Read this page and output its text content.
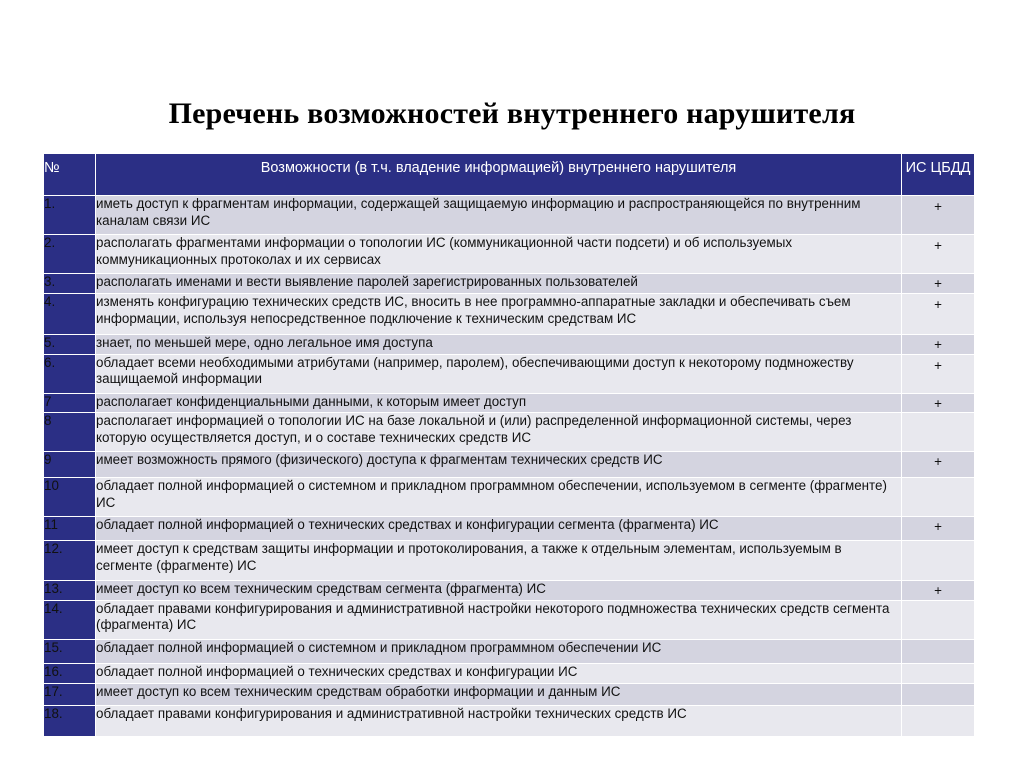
Перечень возможностей внутреннего нарушителя
№	Возможности (в т.ч. владение информацией) внутреннего нарушителя	ИС ЦБДД
1.	иметь доступ к фрагментам информации, содержащей защищаемую информацию и распространяющейся по внутренним каналам связи ИС	+
2.	располагать фрагментами информации о топологии ИС (коммуникационной части подсети) и об используемых коммуникационных протоколах и их сервисах	+
3.	располагать именами и вести выявление паролей зарегистрированных пользователей	+
4.	изменять конфигурацию технических средств ИС, вносить в нее программно-аппаратные закладки и обеспечивать съем информации, используя непосредственное подключение к техническим средствам ИС	+
5.	знает, по меньшей мере, одно легальное имя доступа	+
6.	обладает всеми необходимыми атрибутами (например, паролем), обеспечивающими доступ к некоторому подмножеству защищаемой информации	+
7	располагает конфиденциальными данными, к которым имеет доступ	+
8	располагает информацией о топологии ИС на базе локальной и (или) распределенной информационной системы, через которую осуществляется доступ, и о составе технических средств ИС	
9	имеет возможность прямого (физического) доступа к фрагментам технических средств ИС	+
10	обладает полной информацией о системном и прикладном программном обеспечении, используемом в сегменте (фрагменте) ИС	
11	обладает полной информацией о технических средствах и конфигурации сегмента (фрагмента) ИС	+
12.	имеет доступ к средствам защиты информации и протоколирования, а также к отдельным элементам, используемым в сегменте (фрагменте) ИС	
13.	имеет доступ ко всем техническим средствам сегмента (фрагмента) ИС	+
14.	обладает правами конфигурирования и административной настройки некоторого подмножества технических средств сегмента (фрагмента) ИС	
15.	обладает полной информацией о системном и прикладном программном обеспечении ИС	
16.	обладает полной информацией о технических средствах и конфигурации ИС	
17.	имеет доступ ко всем техническим средствам обработки информации и данным ИС	
18.	обладает правами конфигурирования и административной настройки технических средств ИС	
